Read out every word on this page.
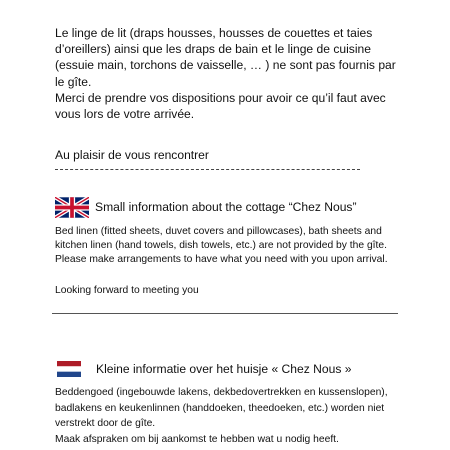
Le linge de lit (draps housses, housses de couettes et taies d’oreillers) ainsi que les draps de bain et le linge de cuisine (essuie main, torchons de vaisselle, … ) ne sont pas fournis par le gîte.

Merci de prendre vos dispositions pour avoir ce qu’il faut avec vous lors de votre arrivée.

Au plaisir de vous rencontrer
Small information about the cottage “Chez Nous”
Bed linen (fitted sheets, duvet covers and pillowcases), bath sheets and kitchen linen (hand towels, dish towels, etc.) are not provided by the gîte. Please make arrangements to have what you need with you upon arrival.
Looking forward to meeting you
Kleine informatie over het huisje « Chez Nous »

Beddengoed (ingebouwde lakens, dekbedovertrekken en kussenslopen), badlakens en keukenlinnen (handdoeken, theedoeken, etc.) worden niet verstrekt door de gîte.

Maak afspraken om bij aankomst te hebben wat u nodig heeft.
